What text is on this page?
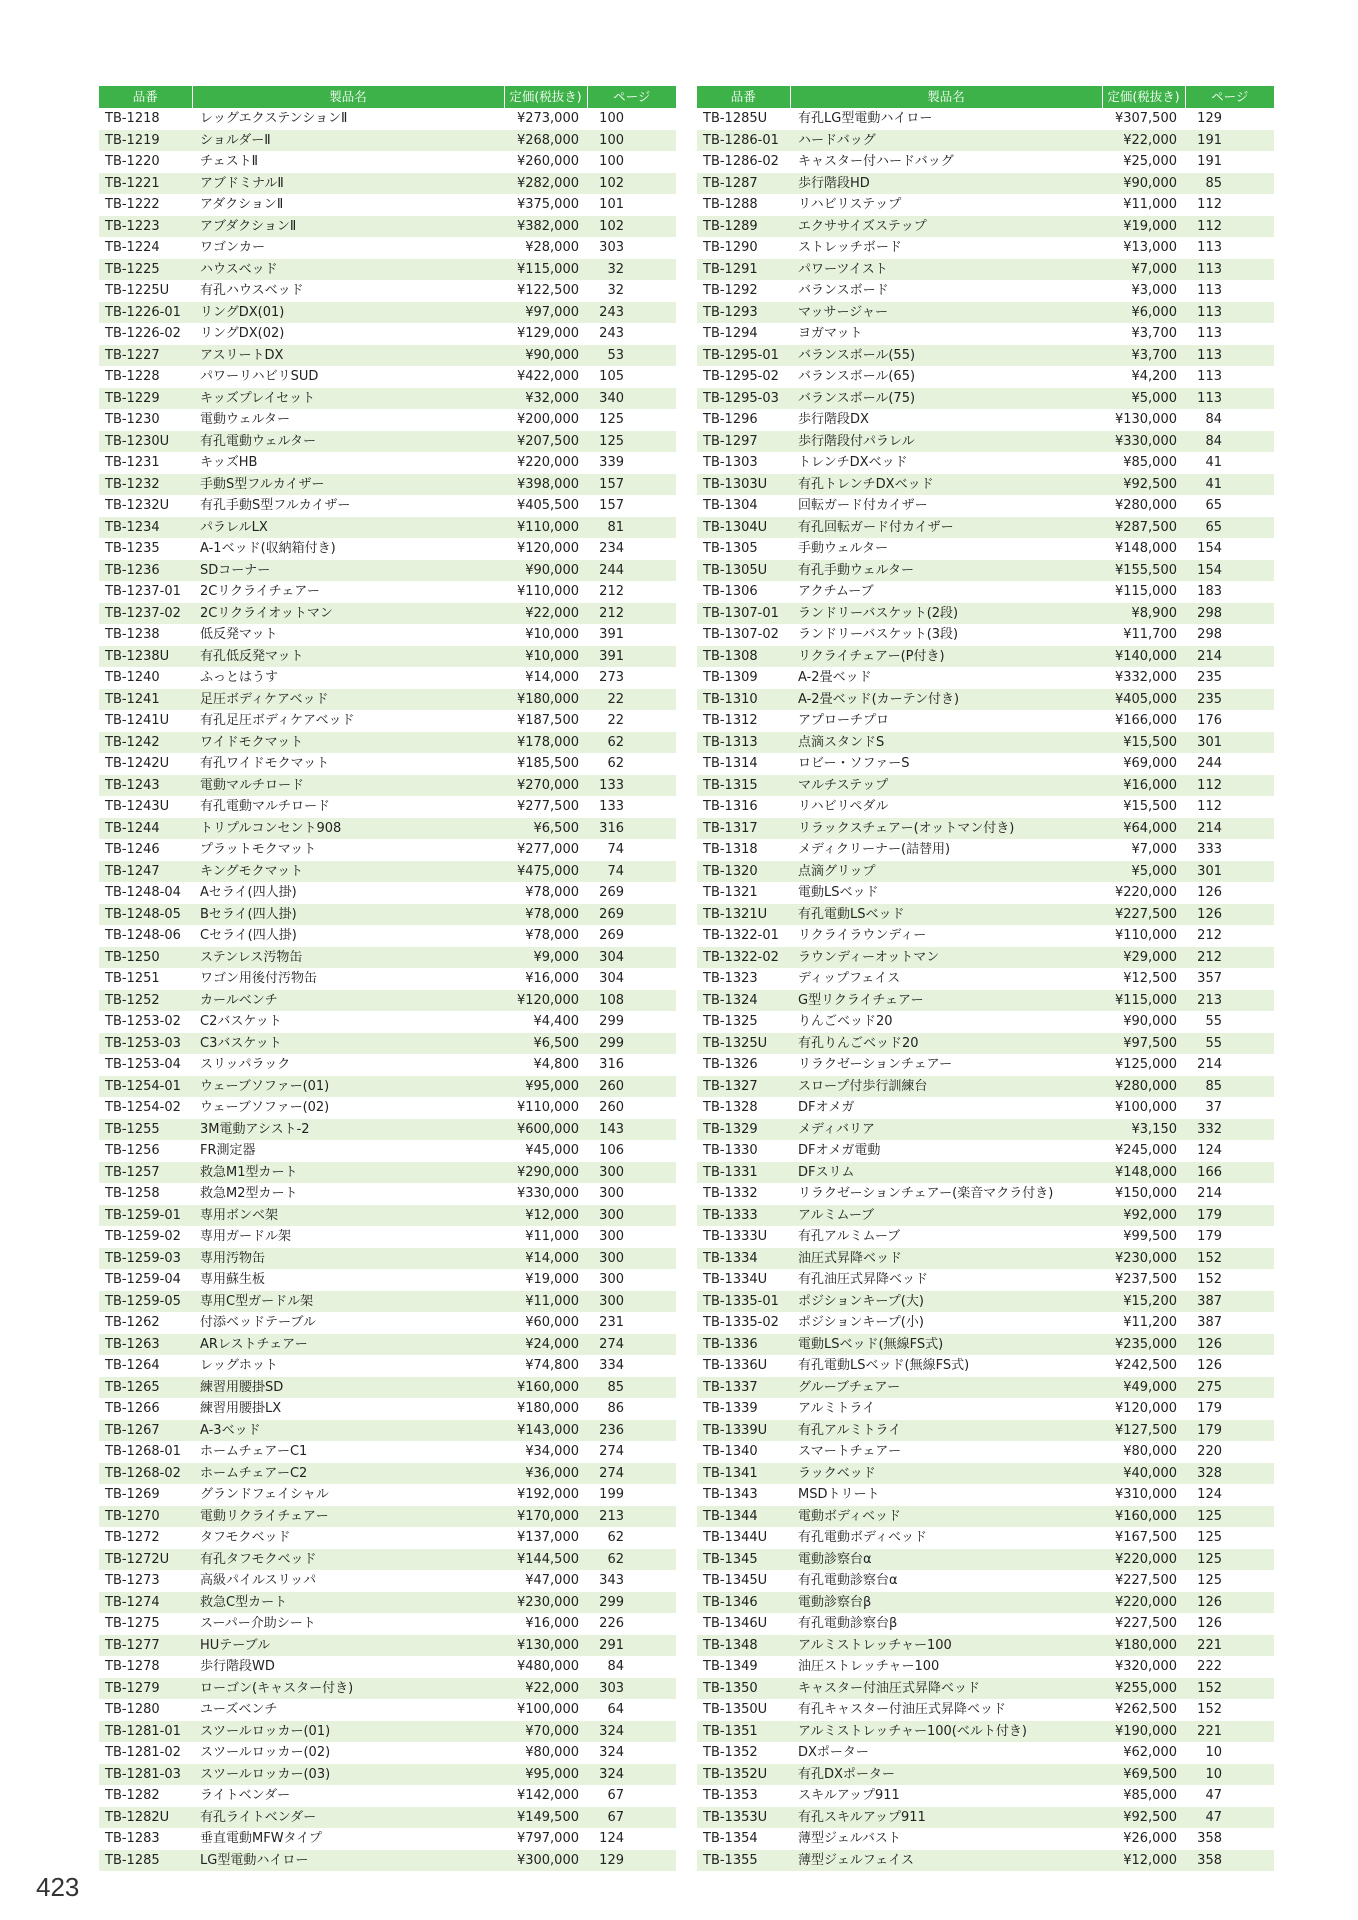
品番	製品名	定価(税抜き)	ページ
TB-1218	レッグエクステンションⅡ	¥273,000	100
TB-1219	ショルダーⅡ	¥268,000	100
TB-1220	チェストⅡ	¥260,000	100
TB-1221	アブドミナルⅡ	¥282,000	102
TB-1222	アダクションⅡ	¥375,000	101
TB-1223	アブダクションⅡ	¥382,000	102
TB-1224	ワゴンカー	¥28,000	303
TB-1225	ハウスベッド	¥115,000	32
TB-1225U	有孔ハウスベッド	¥122,500	32
TB-1226-01	リングDX(01)	¥97,000	243
TB-1226-02	リングDX(02)	¥129,000	243
TB-1227	アスリートDX	¥90,000	53
TB-1228	パワーリハビリSUD	¥422,000	105
TB-1229	キッズプレイセット	¥32,000	340
TB-1230	電動ウェルター	¥200,000	125
TB-1230U	有孔電動ウェルター	¥207,500	125
TB-1231	キッズHB	¥220,000	339
TB-1232	手動S型フルカイザー	¥398,000	157
TB-1232U	有孔手動S型フルカイザー	¥405,500	157
TB-1234	パラレルLX	¥110,000	81
TB-1235	A-1ベッド(収納箱付き)	¥120,000	234
TB-1236	SDコーナー	¥90,000	244
TB-1237-01	2Cリクライチェアー	¥110,000	212
TB-1237-02	2Cリクライオットマン	¥22,000	212
TB-1238	低反発マット	¥10,000	391
TB-1238U	有孔低反発マット	¥10,000	391
TB-1240	ふっとはうす	¥14,000	273
TB-1241	足圧ボディケアベッド	¥180,000	22
TB-1241U	有孔足圧ボディケアベッド	¥187,500	22
TB-1242	ワイドモクマット	¥178,000	62
TB-1242U	有孔ワイドモクマット	¥185,500	62
TB-1243	電動マルチロード	¥270,000	133
TB-1243U	有孔電動マルチロード	¥277,500	133
TB-1244	トリプルコンセント908	¥6,500	316
TB-1246	プラットモクマット	¥277,000	74
TB-1247	キングモクマット	¥475,000	74
TB-1248-04	Aセライ(四人掛)	¥78,000	269
TB-1248-05	Bセライ(四人掛)	¥78,000	269
TB-1248-06	Cセライ(四人掛)	¥78,000	269
TB-1250	ステンレス汚物缶	¥9,000	304
TB-1251	ワゴン用後付汚物缶	¥16,000	304
TB-1252	カールベンチ	¥120,000	108
TB-1253-02	C2バスケット	¥4,400	299
TB-1253-03	C3バスケット	¥6,500	299
TB-1253-04	スリッパラック	¥4,800	316
TB-1254-01	ウェーブソファー(01)	¥95,000	260
TB-1254-02	ウェーブソファー(02)	¥110,000	260
TB-1255	3M電動アシスト-2	¥600,000	143
TB-1256	FR測定器	¥45,000	106
TB-1257	救急M1型カート	¥290,000	300
TB-1258	救急M2型カート	¥330,000	300
TB-1259-01	専用ボンベ架	¥12,000	300
TB-1259-02	専用ガードル架	¥11,000	300
TB-1259-03	専用汚物缶	¥14,000	300
TB-1259-04	専用蘇生板	¥19,000	300
TB-1259-05	専用C型ガードル架	¥11,000	300
TB-1262	付添ベッドテーブル	¥60,000	231
TB-1263	ARレストチェアー	¥24,000	274
TB-1264	レッグホット	¥74,800	334
TB-1265	練習用腰掛SD	¥160,000	85
TB-1266	練習用腰掛LX	¥180,000	86
TB-1267	A-3ベッド	¥143,000	236
TB-1268-01	ホームチェアーC1	¥34,000	274
TB-1268-02	ホームチェアーC2	¥36,000	274
TB-1269	グランドフェイシャル	¥192,000	199
TB-1270	電動リクライチェアー	¥170,000	213
TB-1272	タフモクベッド	¥137,000	62
TB-1272U	有孔タフモクベッド	¥144,500	62
TB-1273	高級パイルスリッパ	¥47,000	343
TB-1274	救急C型カート	¥230,000	299
TB-1275	スーパー介助シート	¥16,000	226
TB-1277	HUテーブル	¥130,000	291
TB-1278	歩行階段WD	¥480,000	84
TB-1279	ローゴン(キャスター付き)	¥22,000	303
TB-1280	ユーズベンチ	¥100,000	64
TB-1281-01	スツールロッカー(01)	¥70,000	324
TB-1281-02	スツールロッカー(02)	¥80,000	324
TB-1281-03	スツールロッカー(03)	¥95,000	324
TB-1282	ライトベンダー	¥142,000	67
TB-1282U	有孔ライトベンダー	¥149,500	67
TB-1283	垂直電動MFWタイプ	¥797,000	124
TB-1285	LG型電動ハイロー	¥300,000	129
品番	製品名	定価(税抜き)	ページ
TB-1285U	有孔LG型電動ハイロー	¥307,500	129
TB-1286-01	ハードバッグ	¥22,000	191
TB-1286-02	キャスター付ハードバッグ	¥25,000	191
TB-1287	歩行階段HD	¥90,000	85
TB-1288	リハビリステップ	¥11,000	112
TB-1289	エクササイズステップ	¥19,000	112
TB-1290	ストレッチボード	¥13,000	113
TB-1291	パワーツイスト	¥7,000	113
TB-1292	バランスボード	¥3,000	113
TB-1293	マッサージャー	¥6,000	113
TB-1294	ヨガマット	¥3,700	113
TB-1295-01	バランスボール(55)	¥3,700	113
TB-1295-02	バランスボール(65)	¥4,200	113
TB-1295-03	バランスボール(75)	¥5,000	113
TB-1296	歩行階段DX	¥130,000	84
TB-1297	歩行階段付パラレル	¥330,000	84
TB-1303	トレンチDXベッド	¥85,000	41
TB-1303U	有孔トレンチDXベッド	¥92,500	41
TB-1304	回転ガード付カイザー	¥280,000	65
TB-1304U	有孔回転ガード付カイザー	¥287,500	65
TB-1305	手動ウェルター	¥148,000	154
TB-1305U	有孔手動ウェルター	¥155,500	154
TB-1306	アクチムーブ	¥115,000	183
TB-1307-01	ランドリーバスケット(2段)	¥8,900	298
TB-1307-02	ランドリーバスケット(3段)	¥11,700	298
TB-1308	リクライチェアー(P付き)	¥140,000	214
TB-1309	A-2畳ベッド	¥332,000	235
TB-1310	A-2畳ベッド(カーテン付き)	¥405,000	235
TB-1312	アプローチプロ	¥166,000	176
TB-1313	点滴スタンドS	¥15,500	301
TB-1314	ロビー・ソファーS	¥69,000	244
TB-1315	マルチステップ	¥16,000	112
TB-1316	リハビリペダル	¥15,500	112
TB-1317	リラックスチェアー(オットマン付き)	¥64,000	214
TB-1318	メディクリーナー(詰替用)	¥7,000	333
TB-1320	点滴グリップ	¥5,000	301
TB-1321	電動LSベッド	¥220,000	126
TB-1321U	有孔電動LSベッド	¥227,500	126
TB-1322-01	リクライラウンディー	¥110,000	212
TB-1322-02	ラウンディーオットマン	¥29,000	212
TB-1323	ディップフェイス	¥12,500	357
TB-1324	G型リクライチェアー	¥115,000	213
TB-1325	りんごベッド20	¥90,000	55
TB-1325U	有孔りんごベッド20	¥97,500	55
TB-1326	リラクゼーションチェアー	¥125,000	214
TB-1327	スロープ付歩行訓練台	¥280,000	85
TB-1328	DFオメガ	¥100,000	37
TB-1329	メディバリア	¥3,150	332
TB-1330	DFオメガ電動	¥245,000	124
TB-1331	DFスリム	¥148,000	166
TB-1332	リラクゼーションチェアー(楽音マクラ付き)	¥150,000	214
TB-1333	アルミムーブ	¥92,000	179
TB-1333U	有孔アルミムーブ	¥99,500	179
TB-1334	油圧式昇降ベッド	¥230,000	152
TB-1334U	有孔油圧式昇降ベッド	¥237,500	152
TB-1335-01	ポジションキープ(大)	¥15,200	387
TB-1335-02	ポジションキープ(小)	¥11,200	387
TB-1336	電動LSベッド(無線FS式)	¥235,000	126
TB-1336U	有孔電動LSベッド(無線FS式)	¥242,500	126
TB-1337	グルーブチェアー	¥49,000	275
TB-1339	アルミトライ	¥120,000	179
TB-1339U	有孔アルミトライ	¥127,500	179
TB-1340	スマートチェアー	¥80,000	220
TB-1341	ラックベッド	¥40,000	328
TB-1343	MSDトリート	¥310,000	124
TB-1344	電動ボディベッド	¥160,000	125
TB-1344U	有孔電動ボディベッド	¥167,500	125
TB-1345	電動診察台α	¥220,000	125
TB-1345U	有孔電動診察台α	¥227,500	125
TB-1346	電動診察台β	¥220,000	126
TB-1346U	有孔電動診察台β	¥227,500	126
TB-1348	アルミストレッチャー100	¥180,000	221
TB-1349	油圧ストレッチャー100	¥320,000	222
TB-1350	キャスター付油圧式昇降ベッド	¥255,000	152
TB-1350U	有孔キャスター付油圧式昇降ベッド	¥262,500	152
TB-1351	アルミストレッチャー100(ベルト付き)	¥190,000	221
TB-1352	DXポーター	¥62,000	10
TB-1352U	有孔DXポーター	¥69,500	10
TB-1353	スキルアップ911	¥85,000	47
TB-1353U	有孔スキルアップ911	¥92,500	47
TB-1354	薄型ジェルバスト	¥26,000	358
TB-1355	薄型ジェルフェイス	¥12,000	358
423
